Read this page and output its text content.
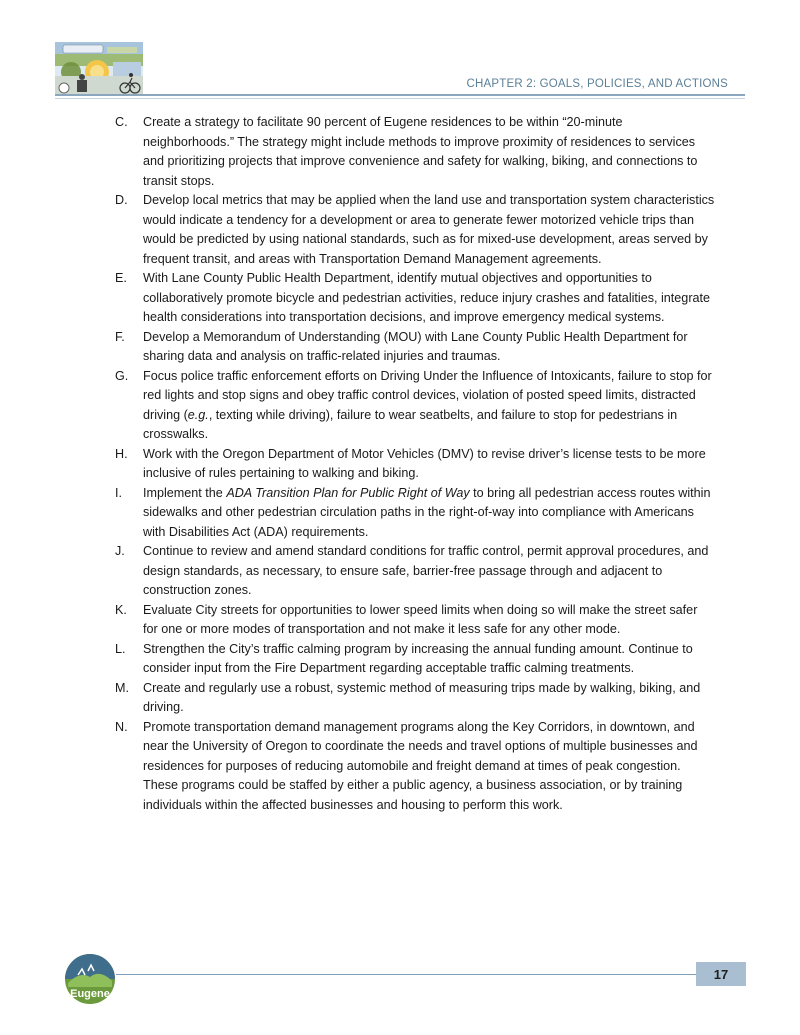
CHAPTER 2: GOALS, POLICIES, AND ACTIONS
C.	Create a strategy to facilitate 90 percent of Eugene residences to be within “20-minute neighborhoods.” The strategy might include methods to improve proximity of residences to services and prioritizing projects that improve convenience and safety for walking, biking, and connections to transit stops.
D.	Develop local metrics that may be applied when the land use and transportation system characteristics would indicate a tendency for a development or area to generate fewer motorized vehicle trips than would be predicted by using national standards, such as for mixed-use development, areas served by frequent transit, and areas with Transportation Demand Management agreements.
E.	With Lane County Public Health Department, identify mutual objectives and opportunities to collaboratively promote bicycle and pedestrian activities, reduce injury crashes and fatalities, integrate health considerations into transportation decisions, and improve emergency medical systems.
F.	Develop a Memorandum of Understanding (MOU) with Lane County Public Health Department for sharing data and analysis on traffic-related injuries and traumas.
G.	Focus police traffic enforcement efforts on Driving Under the Influence of Intoxicants, failure to stop for red lights and stop signs and obey traffic control devices, violation of posted speed limits, distracted driving (e.g., texting while driving), failure to wear seatbelts, and failure to stop for pedestrians in crosswalks.
H.	Work with the Oregon Department of Motor Vehicles (DMV) to revise driver’s license tests to be more inclusive of rules pertaining to walking and biking.
I.	Implement the ADA Transition Plan for Public Right of Way to bring all pedestrian access routes within sidewalks and other pedestrian circulation paths in the right-of-way into compliance with Americans with Disabilities Act (ADA) requirements.
J.	Continue to review and amend standard conditions for traffic control, permit approval procedures, and design standards, as necessary, to ensure safe, barrier-free passage through and adjacent to construction zones.
K.	Evaluate City streets for opportunities to lower speed limits when doing so will make the street safer for one or more modes of transportation and not make it less safe for any other mode.
L.	Strengthen the City’s traffic calming program by increasing the annual funding amount. Continue to consider input from the Fire Department regarding acceptable traffic calming treatments.
M.	Create and regularly use a robust, systemic method of measuring trips made by walking, biking, and driving.
N.	Promote transportation demand management programs along the Key Corridors, in downtown, and near the University of Oregon to coordinate the needs and travel options of multiple businesses and residences for purposes of reducing automobile and freight demand at times of peak congestion. These programs could be staffed by either a public agency, a business association, or by training individuals within the affected businesses and housing to perform this work.
Eugene
17
